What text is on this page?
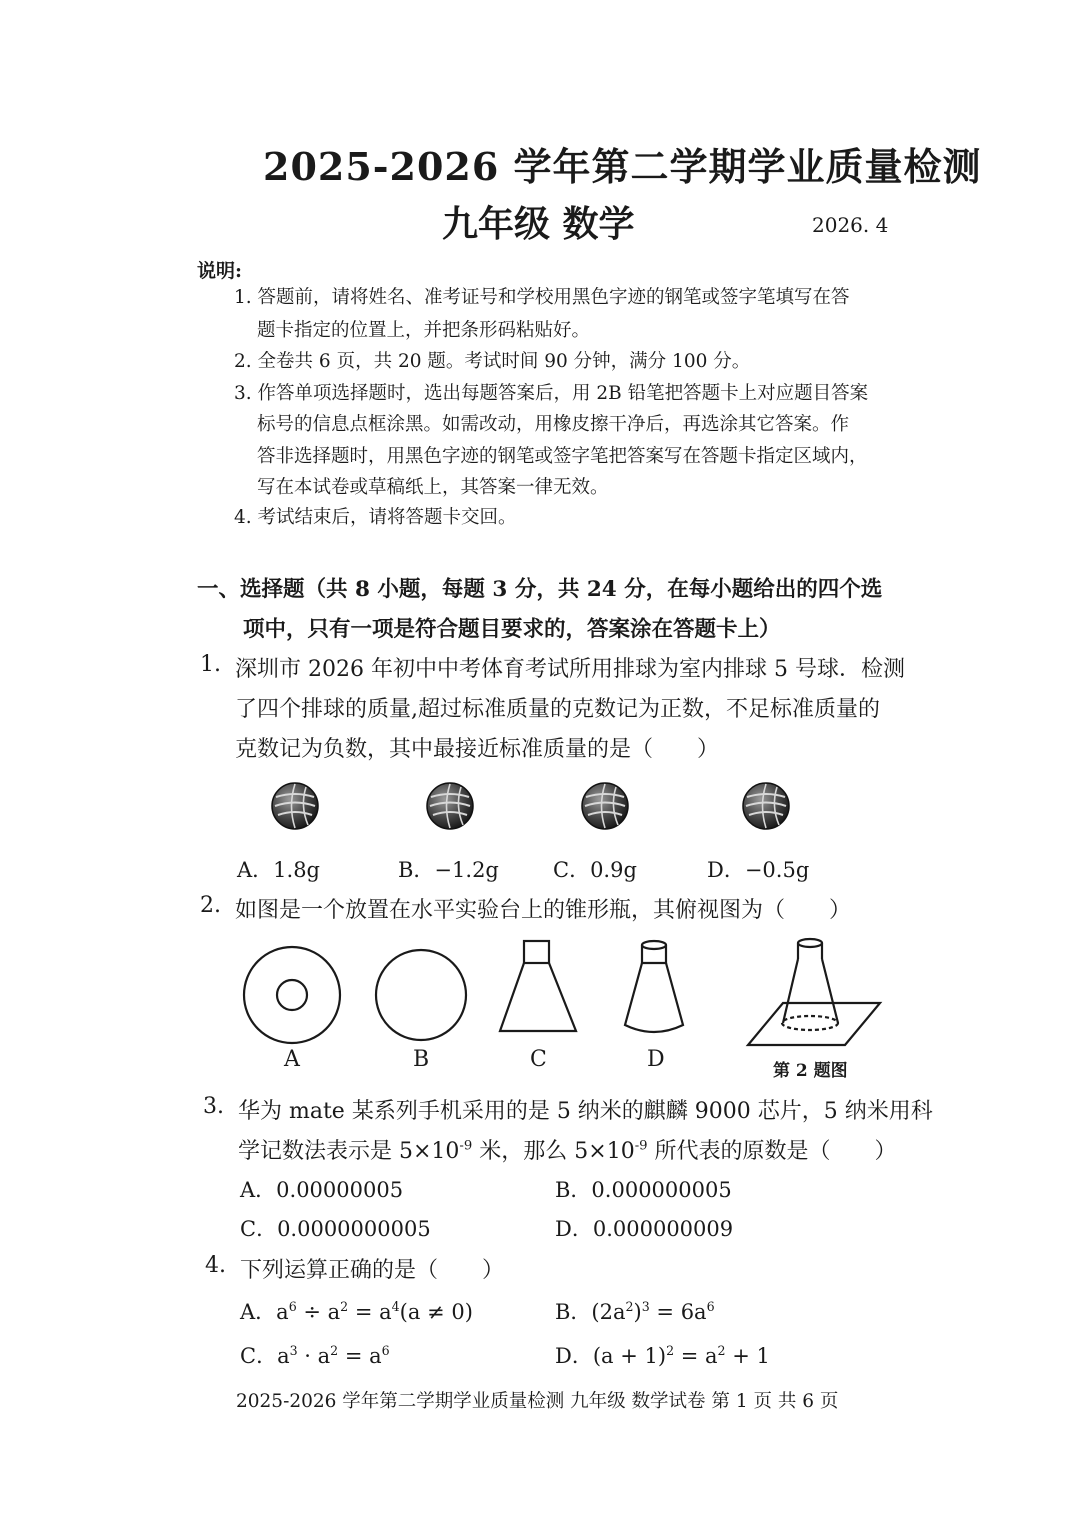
2025-2026 学年第二学期学业质量检测
九年级 数学	2026. 4
说明:
1. 答题前，请将姓名、准考证号和学校用黑色字迹的钢笔或签字笔填写在答
题卡指定的位置上，并把条形码粘贴好。
2. 全卷共 6 页，共 20 题。考试时间 90 分钟，满分 100 分。
3. 作答单项选择题时，选出每题答案后，用 2B 铅笔把答题卡上对应题目答案
标号的信息点框涂黑。如需改动，用橡皮擦干净后，再选涂其它答案。作
答非选择题时，用黑色字迹的钢笔或签字笔把答案写在答题卡指定区域内，
写在本试卷或草稿纸上，其答案一律无效。
4. 考试结束后，请将答题卡交回。
一、选择题（共 8 小题，每题 3 分，共 24 分，在每小题给出的四个选
项中，只有一项是符合题目要求的，答案涂在答题卡上）
1. 深圳市 2026 年初中中考体育考试所用排球为室内排球 5 号球．检测
了四个排球的质量,超过标准质量的克数记为正数，不足标准质量的
克数记为负数，其中最接近标准质量的是（　　）
A．1.8g	B．−1.2g	C．0.9g	D．−0.5g
2. 如图是一个放置在水平实验台上的锥形瓶，其俯视图为（　　）
A	B	C	D	第 2 题图
3. 华为 mate 某系列手机采用的是 5 纳米的麒麟 9000 芯片，5 纳米用科
学记数法表示是 $5\times 10^{-9}$ 米，那么 $5\times 10^{-9}$ 所代表的原数是（　　）
A．0.00000005	B．0.000000005
C．0.0000000005	D．0.000000009
4. 下列运算正确的是（　　）
A．$a^6 \div a^2 = a^4(a \ne 0)$	B．$(2a^2)^3 = 6a^6$
C．$a^3 \cdot a^2 = a^6$	D．$(a + 1)^2 = a^2 + 1$
2025-2026 学年第二学期学业质量检测 九年级 数学试卷 第 1 页 共 6 页
